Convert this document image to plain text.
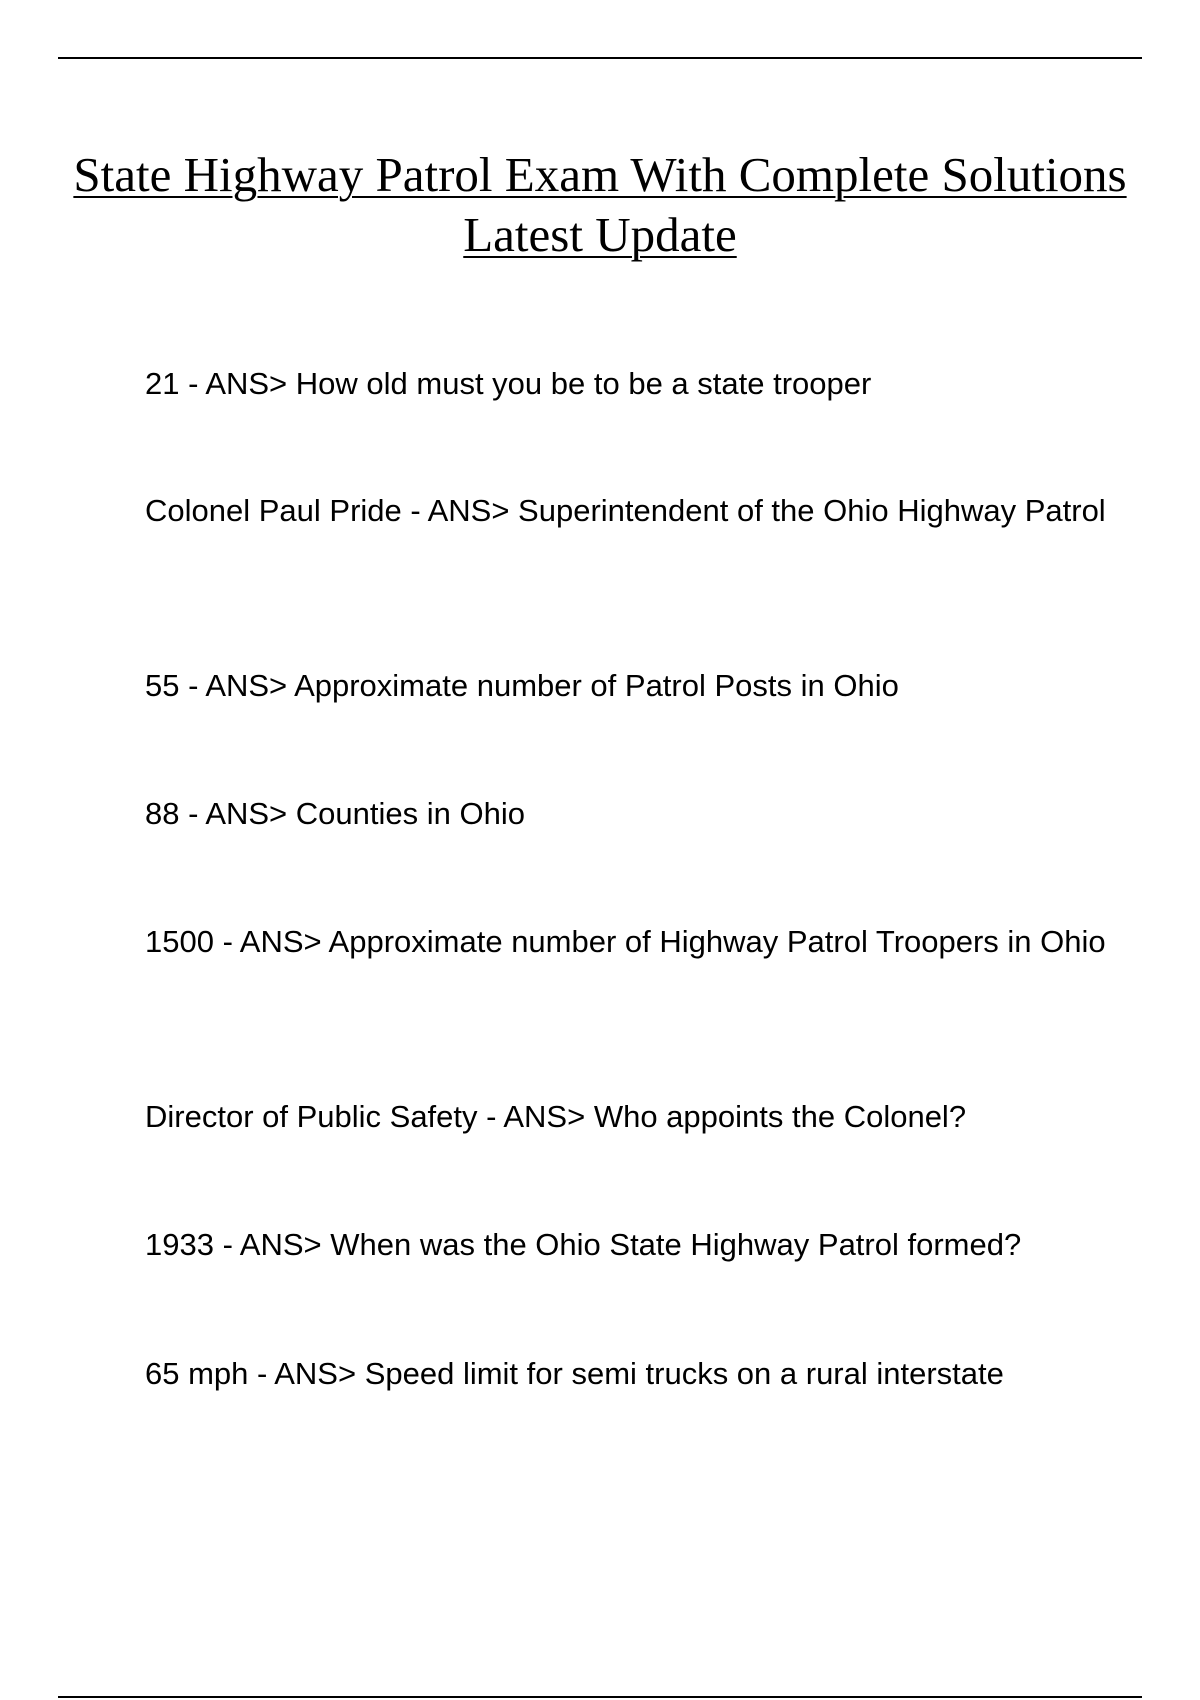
State Highway Patrol Exam With Complete Solutions Latest Update
21 - ANS> How old must you be to be a state trooper
Colonel Paul Pride - ANS> Superintendent of the Ohio Highway Patrol
55 - ANS> Approximate number of Patrol Posts in Ohio
88 - ANS> Counties in Ohio
1500 - ANS> Approximate number of Highway Patrol Troopers in Ohio
Director of Public Safety - ANS> Who appoints the Colonel?
1933 - ANS> When was the Ohio State Highway Patrol formed?
65 mph - ANS> Speed limit for semi trucks on a rural interstate
